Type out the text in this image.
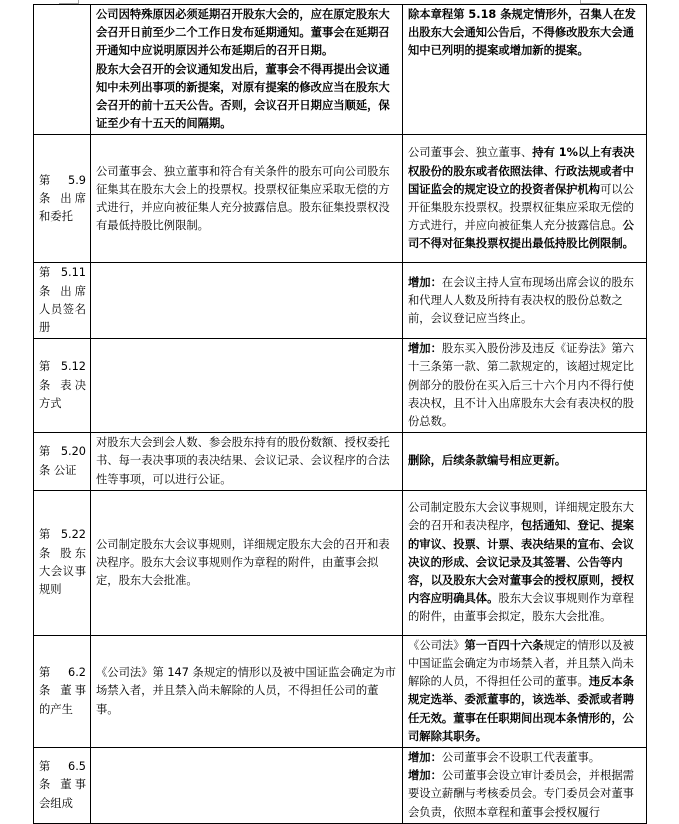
	公司因特殊原因必须延期召开股东大会的，应在原定股东大会召开日前至少二个工作日发布延期通知。董事会在延期召开通知中应说明原因并公布延期后的召开日期。
股东大会召开的会议通知发出后，董事会不得再提出会议通知中未列出事项的新提案，对原有提案的修改应当在股东大会召开的前十五天公告。否则，会议召开日期应当顺延，保证至少有十五天的间隔期。	除本章程第 5.18 条规定情形外，召集人在发出股东大会通知公告后，不得修改股东大会通知中已列明的提案或增加新的提案。
第　5.9 条 出席和委托	公司董事会、独立董事和符合有关条件的股东可向公司股东征集其在股东大会上的投票权。投票权征集应采取无偿的方式进行，并应向被征集人充分披露信息。股东征集投票权没有最低持股比例限制。	公司董事会、独立董事、持有 1%以上有表决权股份的股东或者依照法律、行政法规或者中国证监会的规定设立的投资者保护机构可以公开征集股东投票权。投票权征集应采取无偿的方式进行，并应向被征集人充分披露信息。公司不得对征集投票权提出最低持股比例限制。
第 5.11 条 出席人员签名册		增加：在会议主持人宣布现场出席会议的股东和代理人人数及所持有表决权的股份总数之前，会议登记应当终止。
第 5.12 条 表决方式		增加：股东买入股份涉及违反《证券法》第六十三条第一款、第二款规定的，该超过规定比例部分的股份在买入后三十六个月内不得行使表决权，且不计入出席股东大会有表决权的股份总数。
第 5.20 条 公证	对股东大会到会人数、参会股东持有的股份数额、授权委托书、每一表决事项的表决结果、会议记录、会议程序的合法性等事项，可以进行公证。	删除，后续条款编号相应更新。
第 5.22 条 股东大会议事规则	公司制定股东大会议事规则，详细规定股东大会的召开和表决程序。股东大会议事规则作为章程的附件，由董事会拟定，股东大会批准。	公司制定股东大会议事规则，详细规定股东大会的召开和表决程序，包括通知、登记、提案的审议、投票、计票、表决结果的宣布、会议决议的形成、会议记录及其签署、公告等内容，以及股东大会对董事会的授权原则，授权内容应明确具体。股东大会议事规则作为章程的附件，由董事会拟定，股东大会批准。
第　6.2 条 董事的产生	《公司法》第 147 条规定的情形以及被中国证监会确定为市场禁入者，并且禁入尚未解除的人员，不得担任公司的董事。	《公司法》第一百四十六条规定的情形以及被中国证监会确定为市场禁入者，并且禁入尚未解除的人员，不得担任公司的董事。违反本条规定选举、委派董事的，该选举、委派或者聘任无效。董事在任职期间出现本条情形的，公司解除其职务。
第　6.5 条 董事会组成		增加：公司董事会不设职工代表董事。
增加：公司董事会设立审计委员会，并根据需要设立薪酬与考核委员会。专门委员会对董事会负责，依照本章程和董事会授权履行
